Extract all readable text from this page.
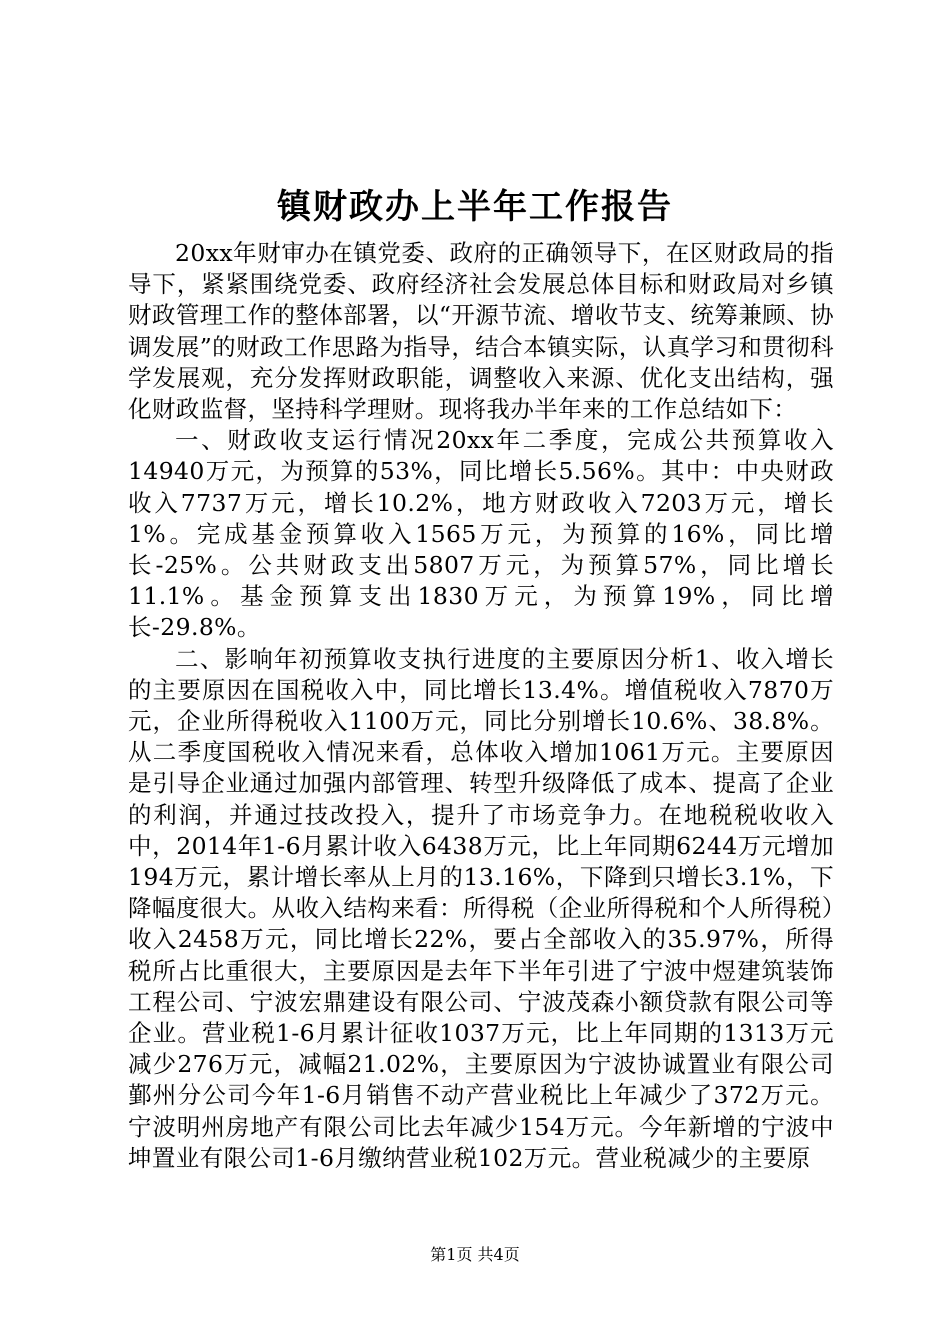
镇财政办上半年工作报告

20xx年财审办在镇党委、政府的正确领导下，在区财政局的指导下，紧紧围绕党委、政府经济社会发展总体目标和财政局对乡镇财政管理工作的整体部署，以“开源节流、增收节支、统筹兼顾、协调发展”的财政工作思路为指导，结合本镇实际，认真学习和贯彻科学发展观，充分发挥财政职能，调整收入来源、优化支出结构，强化财政监督，坚持科学理财。现将我办半年来的工作总结如下：

一、财政收支运行情况20xx年二季度，完成公共预算收入14940万元，为预算的53%，同比增长5.56%。其中：中央财政收入7737万元，增长10.2%，地方财政收入7203万元，增长1%。完成基金预算收入1565万元，为预算的16%，同比增长-25%。公共财政支出5807万元，为预算57%，同比增长11.1%。基金预算支出1830万元，为预算19%，同比增长-29.8%。

二、影响年初预算收支执行进度的主要原因分析1、收入增长的主要原因在国税收入中，同比增长13.4%。增值税收入7870万元，企业所得税收入1100万元，同比分别增长10.6%、38.8%。从二季度国税收入情况来看，总体收入增加1061万元。主要原因是引导企业通过加强内部管理、转型升级降低了成本、提高了企业的利润，并通过技改投入，提升了市场竞争力。在地税税收收入中，2014年1-6月累计收入6438万元，比上年同期6244万元增加194万元，累计增长率从上月的13.16%，下降到只增长3.1%，下降幅度很大。从收入结构来看：所得税（企业所得税和个人所得税）收入2458万元，同比增长22%，要占全部收入的35.97%，所得税所占比重很大，主要原因是去年下半年引进了宁波中煜建筑装饰工程公司、宁波宏鼎建设有限公司、宁波茂森小额贷款有限公司等企业。营业税1-6月累计征收1037万元，比上年同期的1313万元减少276万元，减幅21.02%，主要原因为宁波协诚置业有限公司鄞州分公司今年1-6月销售不动产营业税比上年减少了372万元。宁波明州房地产有限公司比去年减少154万元。今年新增的宁波中坤置业有限公司1-6月缴纳营业税102万元。营业税减少的主要原

第1页 共4页
